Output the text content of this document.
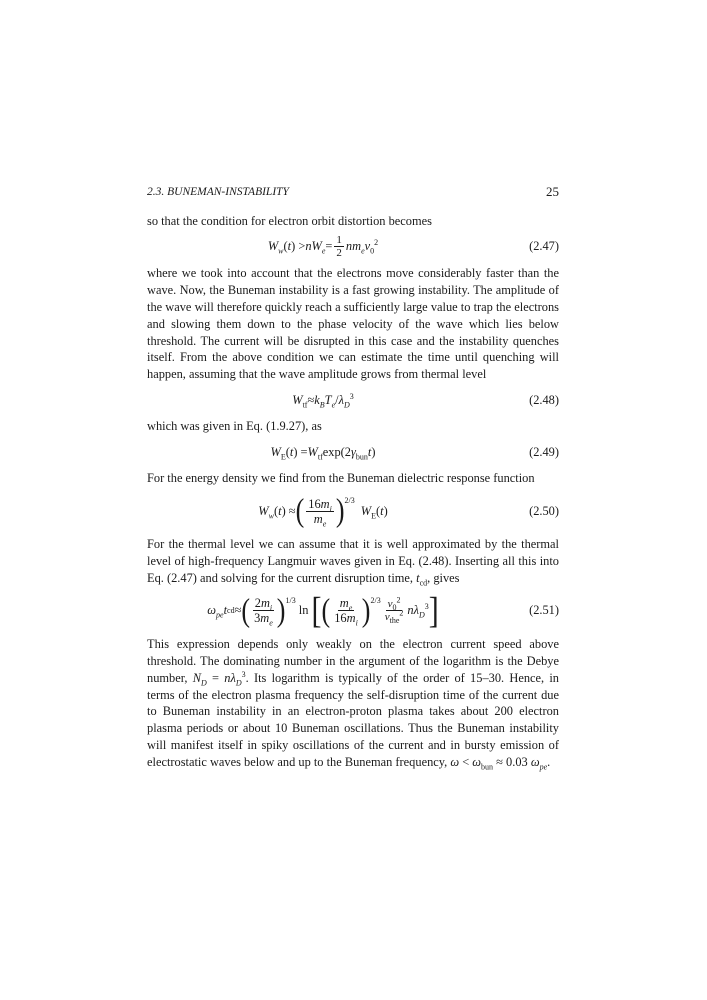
2.3. BUNEMAN-INSTABILITY	25

so that the condition for electron orbit distortion becomes

$W_w$ ( t ) > $nW_e = \frac{1}{2} nm_ev$ $_0^2$	(2.47)

where we took into account that the electrons move considerably faster than the wave. Now, the Buneman instability is a fast growing instability. The amplitude of the wave will therefore quickly reach a sufficiently large value to trap the electrons and slowing them down to the phase velocity of the wave which lies below threshold. The current will be disrupted in this case and the instability quenches itself. From the above condition we can estimate the time until quenching will happen, assuming that the wave amplitude grows from thermal level

$W_{tf} \approx k_BT_e / \lambda$ $_D^3$	(2.48)

which was given in Eq. (1.9.27), as

$W_E$ ( t ) = $W_{tf}$ exp(2 $\gamma_{bun}t$ )	(2.49)

For the energy density we find from the Buneman dielectric response function

$W_w$ ( t ) ≈ ( $\frac{16m_i}{m_e} )^{2/3}$
$W_E$ ( t )	(2.50)

For the thermal level we can assume that it is well approximated by the thermal level of high-frequency Langmuir waves given in Eq. (2.48). Inserting all this into Eq. (2.47) and solving for the current disruption time, $t_{cd}$, gives

$\omega_{pe}t$ cd ≈ ( $\frac{2m_i}{3m_e} )^{1/3}$
ln [ ( $\frac{m_e}{16m_i} )^{2/3} \frac{v_0^2}{v_{the}^2}$ nλ $_D^3$ ]	(2.51)

This expression depends only weakly on the electron current speed above threshold. The dominating number in the argument of the logarithm is the Debye number, $N_D = n\lambda_D^3$. Its logarithm is typically of the order of 15–30. Hence, in terms of the electron plasma frequency the self-disruption time of the current due to Buneman instability in an electron-proton plasma takes about 200 electron plasma periods or about 10 Buneman oscillations. Thus the Buneman instability will manifest itself in spiky oscillations of the current and in bursty emission of electrostatic waves below and up to the Buneman frequency, $\omega < \omega_{bun} \approx 0.03$ $\omega_{pe}$.
